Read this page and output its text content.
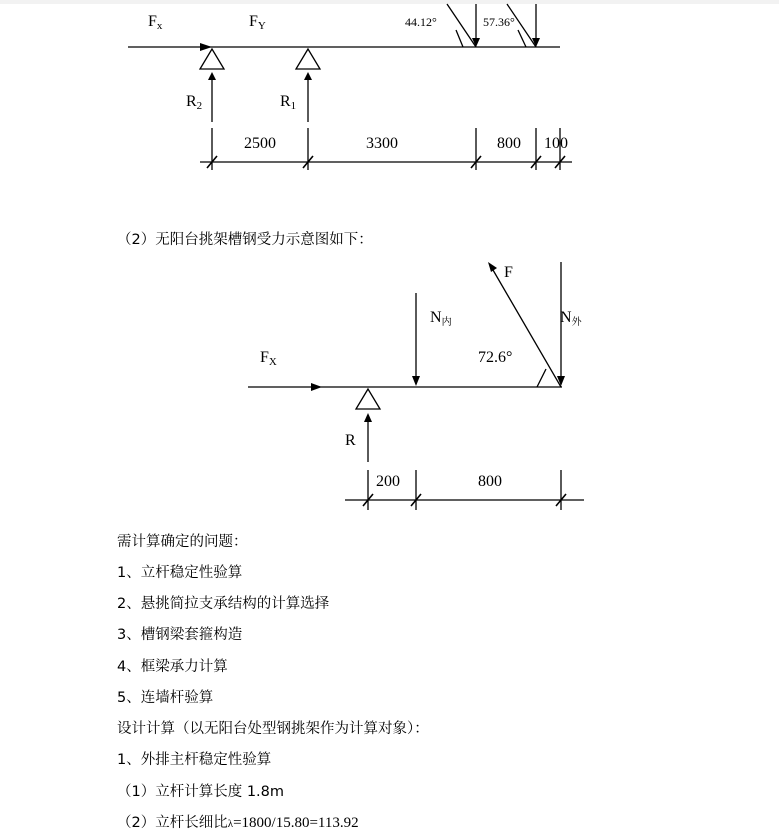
Fx	FY
R2	R1
44.12°	57.36°
2500	3300	800 100
FX
R
N内	N外
F
72.6°
200	800
（2）无阳台挑架槽钢受力示意图如下：
需计算确定的问题：
1、立杆稳定性验算
2、悬挑简拉支承结构的计算选择
3、槽钢梁套箍构造
4、框梁承力计算
5、连墙杆验算
设计计算（以无阳台处型钢挑架作为计算对象）：
1、外排主杆稳定性验算
（1）立杆计算长度 1.8m
（2）立杆长细比λ=1800/15.80=113.92
